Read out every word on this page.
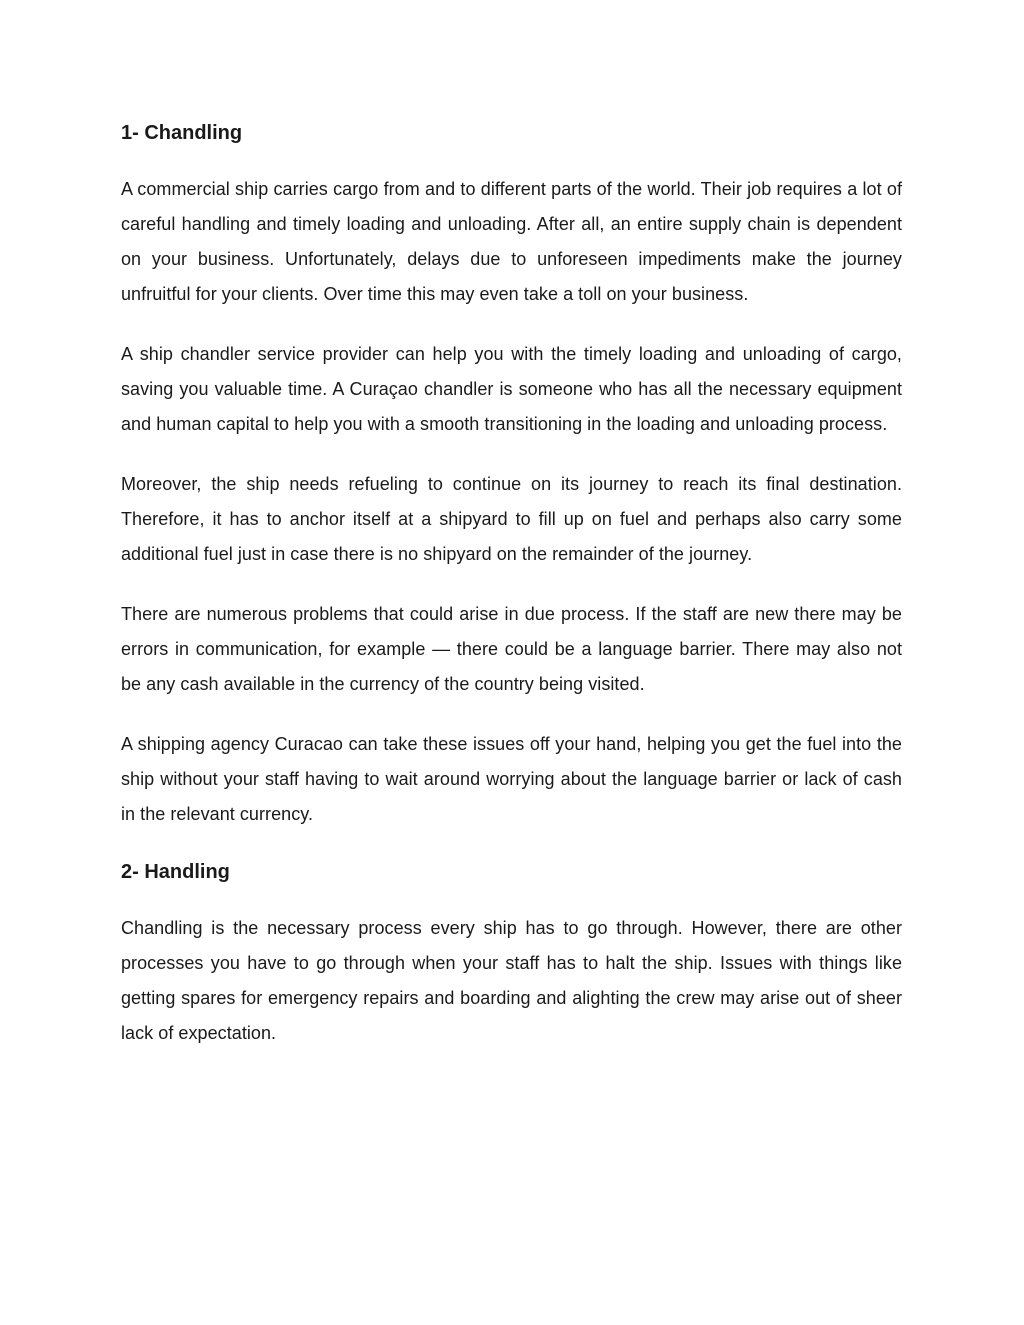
1- Chandling

A commercial ship carries cargo from and to different parts of the world. Their job requires a lot of careful handling and timely loading and unloading. After all, an entire supply chain is dependent on your business. Unfortunately, delays due to unforeseen impediments make the journey unfruitful for your clients. Over time this may even take a toll on your business.

A ship chandler service provider can help you with the timely loading and unloading of cargo, saving you valuable time. A Curaçao chandler is someone who has all the necessary equipment and human capital to help you with a smooth transitioning in the loading and unloading process.

Moreover, the ship needs refueling to continue on its journey to reach its final destination. Therefore, it has to anchor itself at a shipyard to fill up on fuel and perhaps also carry some additional fuel just in case there is no shipyard on the remainder of the journey.

There are numerous problems that could arise in due process. If the staff are new there may be errors in communication, for example — there could be a language barrier. There may also not be any cash available in the currency of the country being visited.

A shipping agency Curacao can take these issues off your hand, helping you get the fuel into the ship without your staff having to wait around worrying about the language barrier or lack of cash in the relevant currency.

2- Handling

Chandling is the necessary process every ship has to go through. However, there are other processes you have to go through when your staff has to halt the ship. Issues with things like getting spares for emergency repairs and boarding and alighting the crew may arise out of sheer lack of expectation.
